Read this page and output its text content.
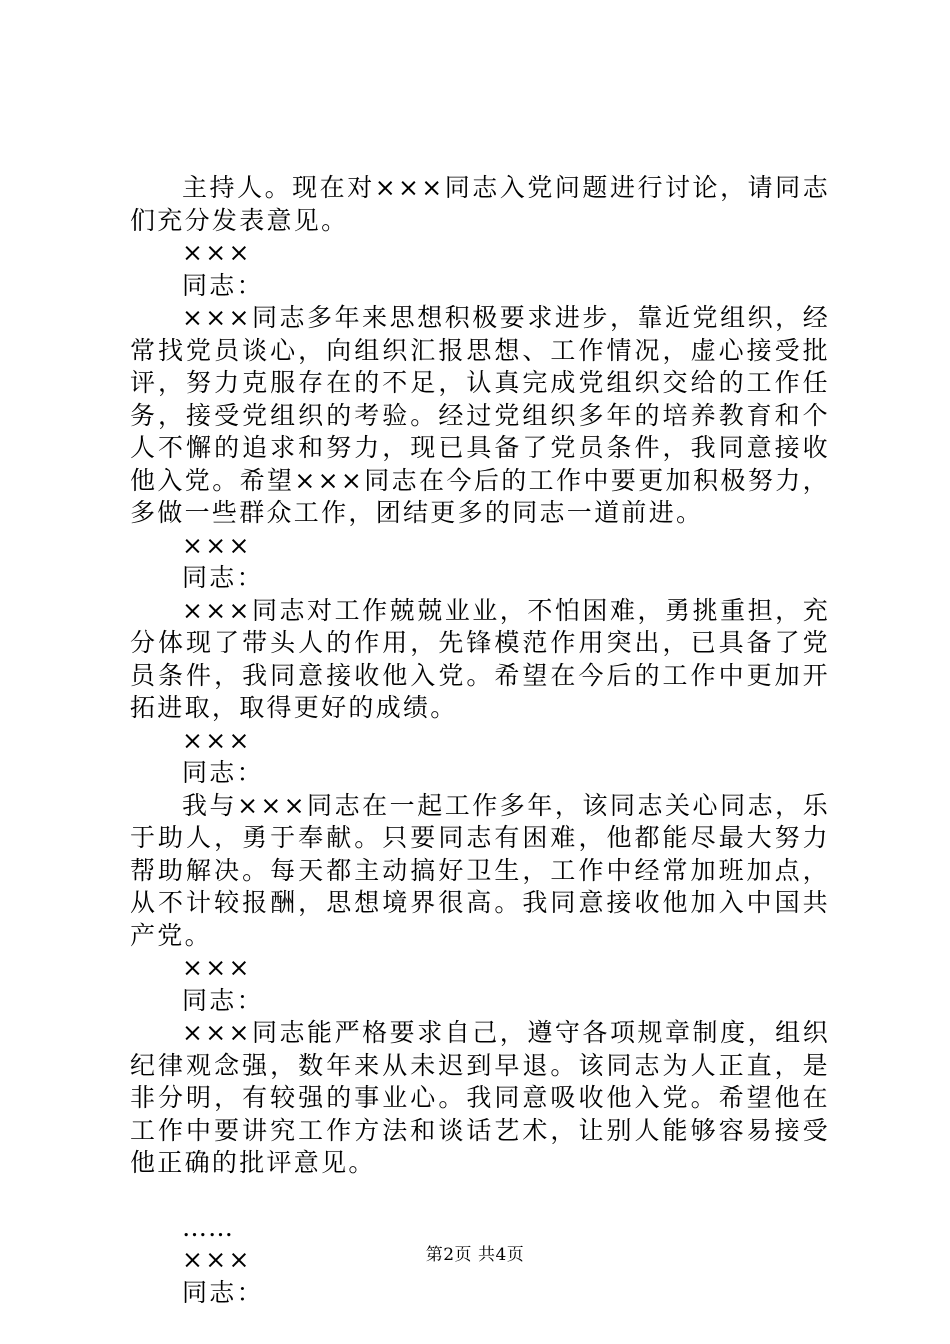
主持人。现在对×××同志入党问题进行讨论，请同志们充分发表意见。

×××

同志：

×××同志多年来思想积极要求进步，靠近党组织，经常找党员谈心，向组织汇报思想、工作情况，虚心接受批评，努力克服存在的不足，认真完成党组织交给的工作任务，接受党组织的考验。经过党组织多年的培养教育和个人不懈的追求和努力，现已具备了党员条件，我同意接收他入党。希望×××同志在今后的工作中要更加积极努力，多做一些群众工作，团结更多的同志一道前进。

×××

同志：

×××同志对工作兢兢业业，不怕困难，勇挑重担，充分体现了带头人的作用，先锋模范作用突出，已具备了党员条件，我同意接收他入党。希望在今后的工作中更加开拓进取，取得更好的成绩。

×××

同志：

我与×××同志在一起工作多年，该同志关心同志，乐于助人，勇于奉献。只要同志有困难，他都能尽最大努力帮助解决。每天都主动搞好卫生，工作中经常加班加点，从不计较报酬，思想境界很高。我同意接收他加入中国共产党。

×××

同志：

×××同志能严格要求自己，遵守各项规章制度，组织纪律观念强，数年来从未迟到早退。该同志为人正直，是非分明，有较强的事业心。我同意吸收他入党。希望他在工作中要讲究工作方法和谈话艺术，让别人能够容易接受他正确的批评意见。

……

×××

同志：

第2页 共4页
